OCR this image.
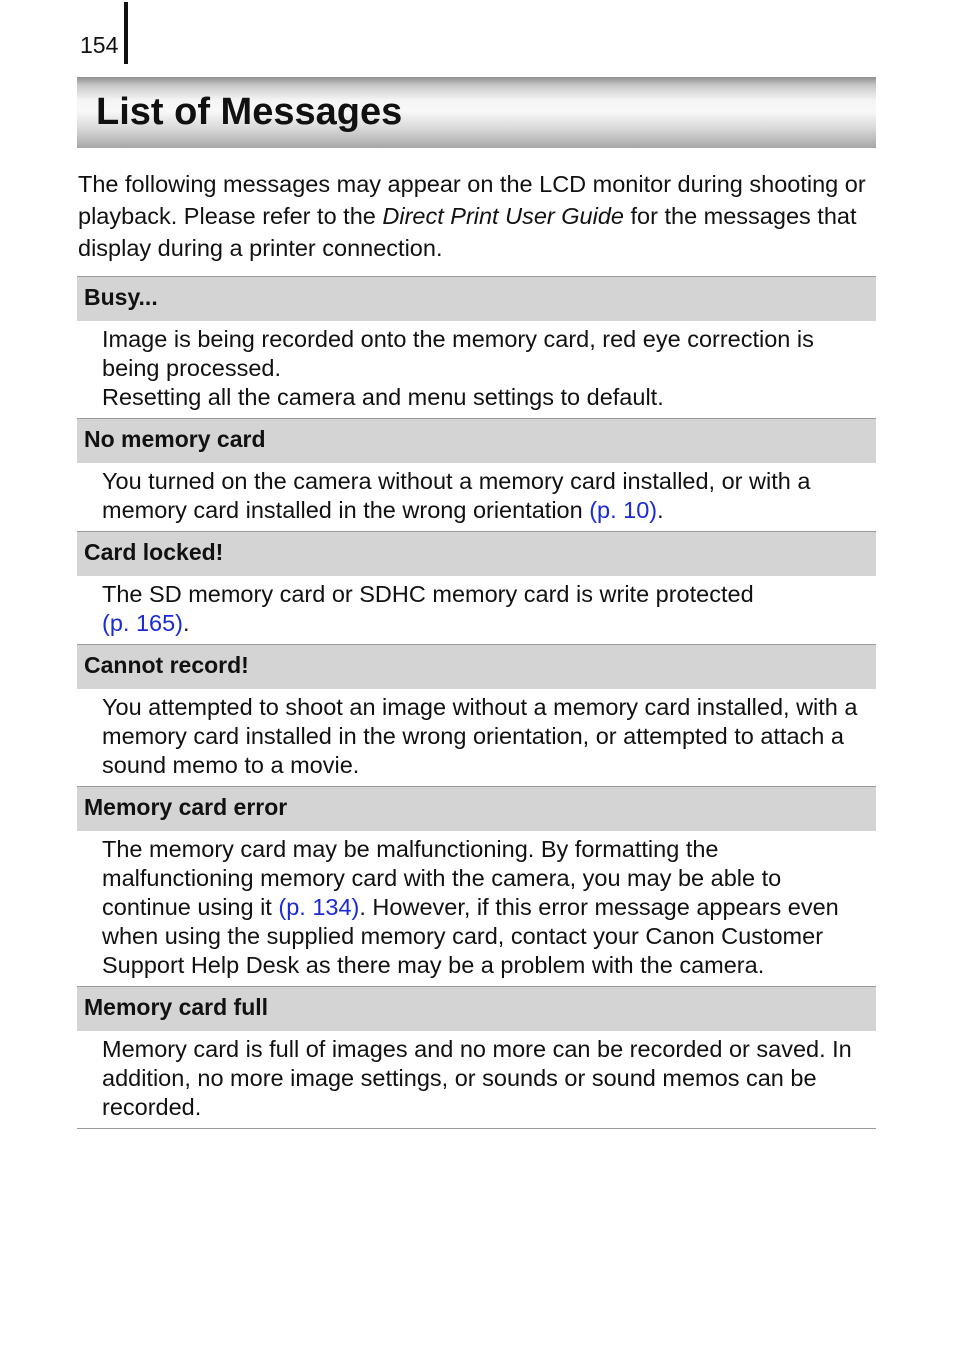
154
List of Messages

The following messages may appear on the LCD monitor during shooting or playback. Please refer to the Direct Print User Guide for the messages that display during a printer connection.

Busy...

Image is being recorded onto the memory card, red eye correction is being processed.

Resetting all the camera and menu settings to default.

No memory card

You turned on the camera without a memory card installed, or with a memory card installed in the wrong orientation (p. 10).

Card locked!

The SD memory card or SDHC memory card is write protected
(p. 165).

Cannot record!

You attempted to shoot an image without a memory card installed, with a memory card installed in the wrong orientation, or attempted to attach a sound memo to a movie.

Memory card error

The memory card may be malfunctioning. By formatting the malfunctioning memory card with the camera, you may be able to continue using it (p. 134). However, if this error message appears even when using the supplied memory card, contact your Canon Customer Support Help Desk as there may be a problem with the camera.

Memory card full

Memory card is full of images and no more can be recorded or saved. In addition, no more image settings, or sounds or sound memos can be recorded.
